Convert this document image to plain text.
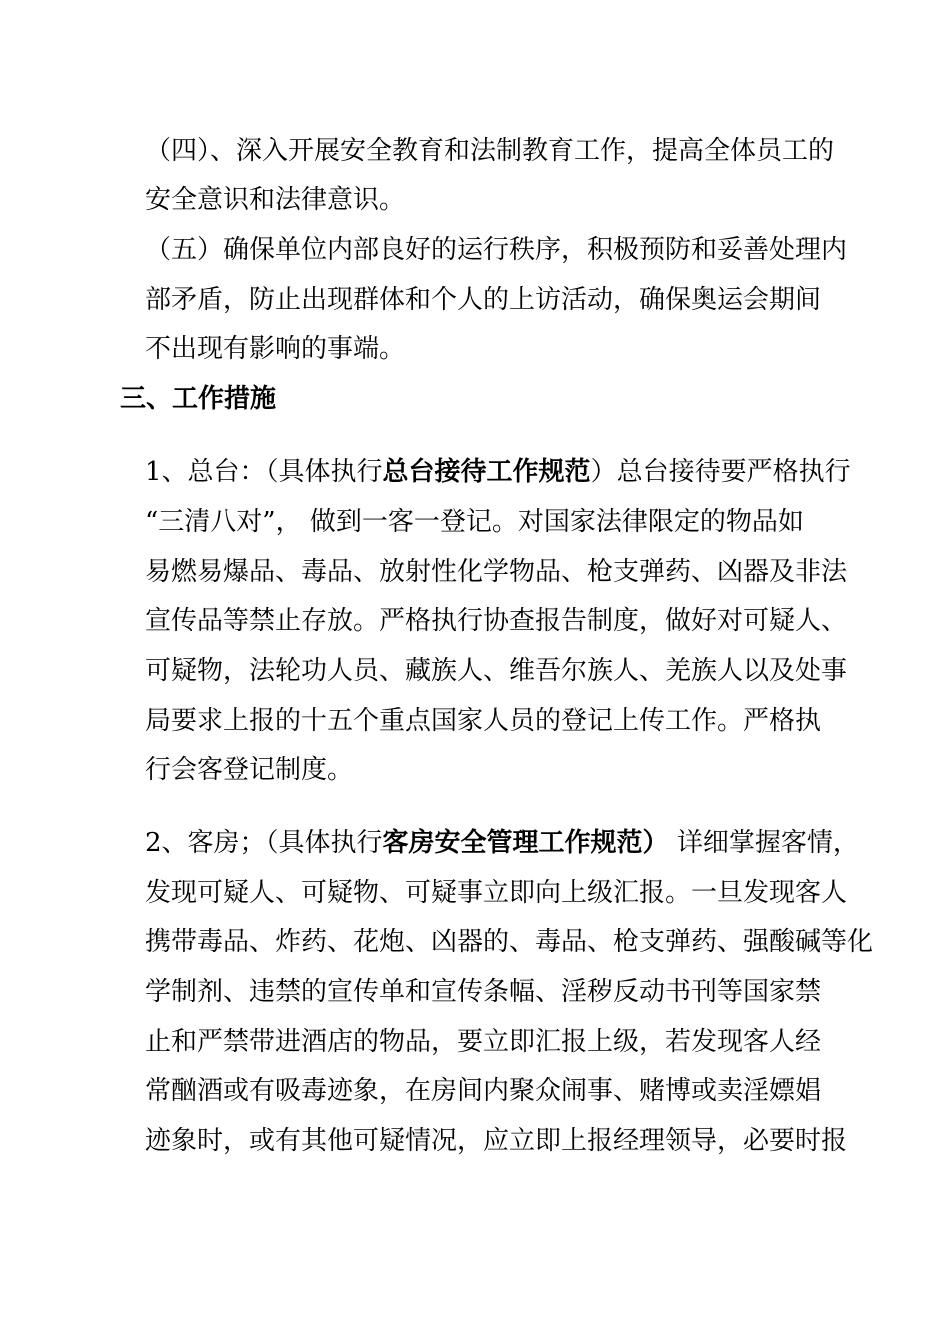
（四）、深入开展安全教育和法制教育工作，提高全体员工的
安全意识和法律意识。
（五）确保单位内部良好的运行秩序，积极预防和妥善处理内
部矛盾，防止出现群体和个人的上访活动，确保奥运会期间
不出现有影响的事端。
三、工作措施
1、总台：（具体执行总台接待工作规范）总台接待要严格执行
“三清八对”， 做到一客一登记。对国家法律限定的物品如
易燃易爆品、毒品、放射性化学物品、枪支弹药、凶器及非法
宣传品等禁止存放。严格执行协查报告制度，做好对可疑人、
可疑物，法轮功人员、藏族人、维吾尔族人、羌族人以及处事
局要求上报的十五个重点国家人员的登记上传工作。严格执
行会客登记制度。
2、客房；（具体执行客房安全管理工作规范） 详细掌握客情，
发现可疑人、可疑物、可疑事立即向上级汇报。一旦发现客人
携带毒品、炸药、花炮、凶器的、毒品、枪支弹药、强酸碱等化
学制剂、违禁的宣传单和宣传条幅、淫秽反动书刊等国家禁
止和严禁带进酒店的物品，要立即汇报上级，若发现客人经
常酗酒或有吸毒迹象，在房间内聚众闹事、赌博或卖淫嫖娼
迹象时，或有其他可疑情况，应立即上报经理领导，必要时报
